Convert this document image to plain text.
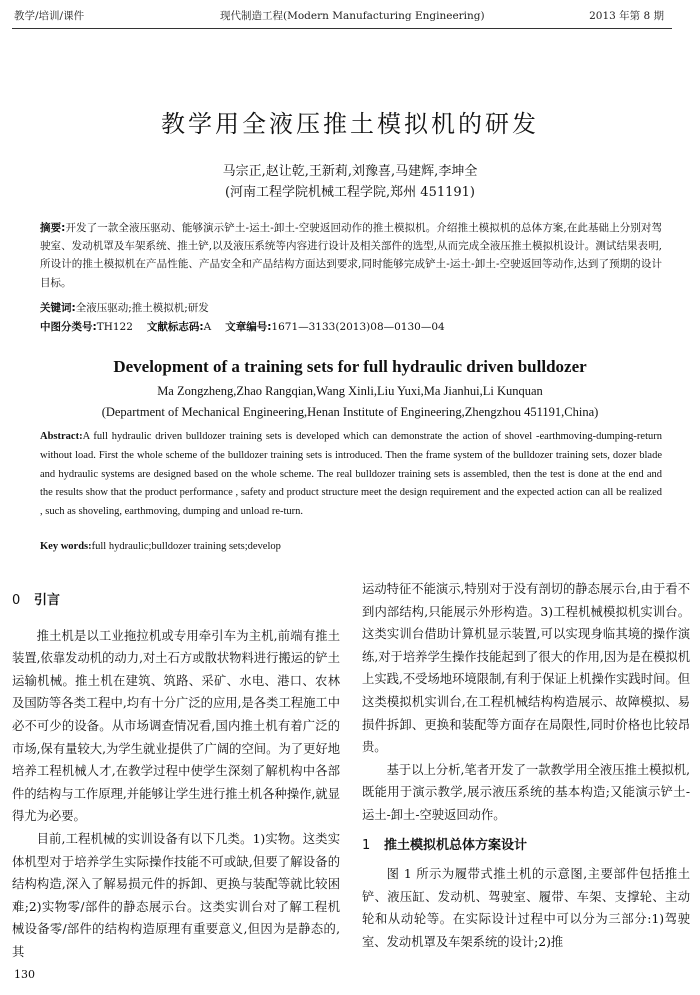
教学/培训/课件	现代制造工程(Modern Manufacturing Engineering)	2013 年第 8 期
教学用全液压推土模拟机的研发
马宗正,赵让乾,王新莉,刘豫喜,马建辉,李坤全
(河南工程学院机械工程学院,郑州 451191)
摘要:开发了一款全液压驱动、能够演示铲土-运土-卸土-空驶返回动作的推土模拟机。介绍推土模拟机的总体方案,在此基础上分别对驾驶室、发动机罩及车架系统、推土铲,以及液压系统等内容进行设计及相关部件的选型,从而完成全液压推土模拟机设计。测试结果表明,所设计的推土模拟机在产品性能、产品安全和产品结构方面达到要求,同时能够完成铲土-运土-卸土-空驶返回等动作,达到了预期的设计目标。
关键词:全液压驱动;推土模拟机;研发
中图分类号:TH122 文献标志码:A 文章编号:1671—3133(2013)08—0130—04
Development of a training sets for full hydraulic driven bulldozer
Ma Zongzheng,Zhao Rangqian,Wang Xinli,Liu Yuxi,Ma Jianhui,Li Kunquan
(Department of Mechanical Engineering,Henan Institute of Engineering,Zhengzhou 451191,China)
Abstract:A full hydraulic driven bulldozer training sets is developed which can demonstrate the action of shovel -earthmoving-dumping-return without load. First the whole scheme of the bulldozer training sets is introduced. Then the frame system of the bulldozer training sets, dozer blade and hydraulic systems are designed based on the whole scheme. The real bulldozer training sets is assembled, then the test is done at the end and the results show that the product performance , safety and product structure meet the design requirement and the expected action can all be realized , such as shoveling, earthmoving, dumping and unload re-turn.
Key words:full hydraulic;bulldozer training sets;develop
0 引言

推土机是以工业拖拉机或专用牵引车为主机,前端有推土装置,依靠发动机的动力,对土石方或散状物料进行搬运的铲土运输机械。推土机在建筑、筑路、采矿、水电、港口、农林及国防等各类工程中,均有十分广泛的应用,是各类工程施工中必不可少的设备。从市场调查情况看,国内推土机有着广泛的市场,保有量较大,为学生就业提供了广阔的空间。为了更好地培养工程机械人才,在教学过程中使学生深刻了解机构中各部件的结构与工作原理,并能够让学生进行推土机各种操作,就显得尤为必要。

目前,工程机械的实训设备有以下几类。1)实物。这类实体机型对于培养学生实际操作技能不可或缺,但要了解设备的结构构造,深入了解易损元件的拆卸、更换与装配等就比较困难;2)实物零/部件的静态展示台。这类实训台对了解工程机械设备零/部件的结构构造原理有重要意义,但因为是静态的,其

运动特征不能演示,特别对于没有剖切的静态展示台,由于看不到内部结构,只能展示外形构造。3)工程机械模拟机实训台。这类实训台借助计算机显示装置,可以实现身临其境的操作演练,对于培养学生操作技能起到了很大的作用,因为是在模拟机上实践,不受场地环境限制,有利于保证上机操作实践时间。但这类模拟机实训台,在工程机械结构构造展示、故障模拟、易损件拆卸、更换和装配等方面存在局限性,同时价格也比较昂贵。

基于以上分析,笔者开发了一款教学用全液压推土模拟机,既能用于演示教学,展示液压系统的基本构造;又能演示铲土-运土-卸土-空驶返回动作。

1 推土模拟机总体方案设计

图 1 所示为履带式推土机的示意图,主要部件包括推土铲、液压缸、发动机、驾驶室、履带、车架、支撑轮、主动轮和从动轮等。在实际设计过程中可以分为三部分:1)驾驶室、发动机罩及车架系统的设计;2)推

130
